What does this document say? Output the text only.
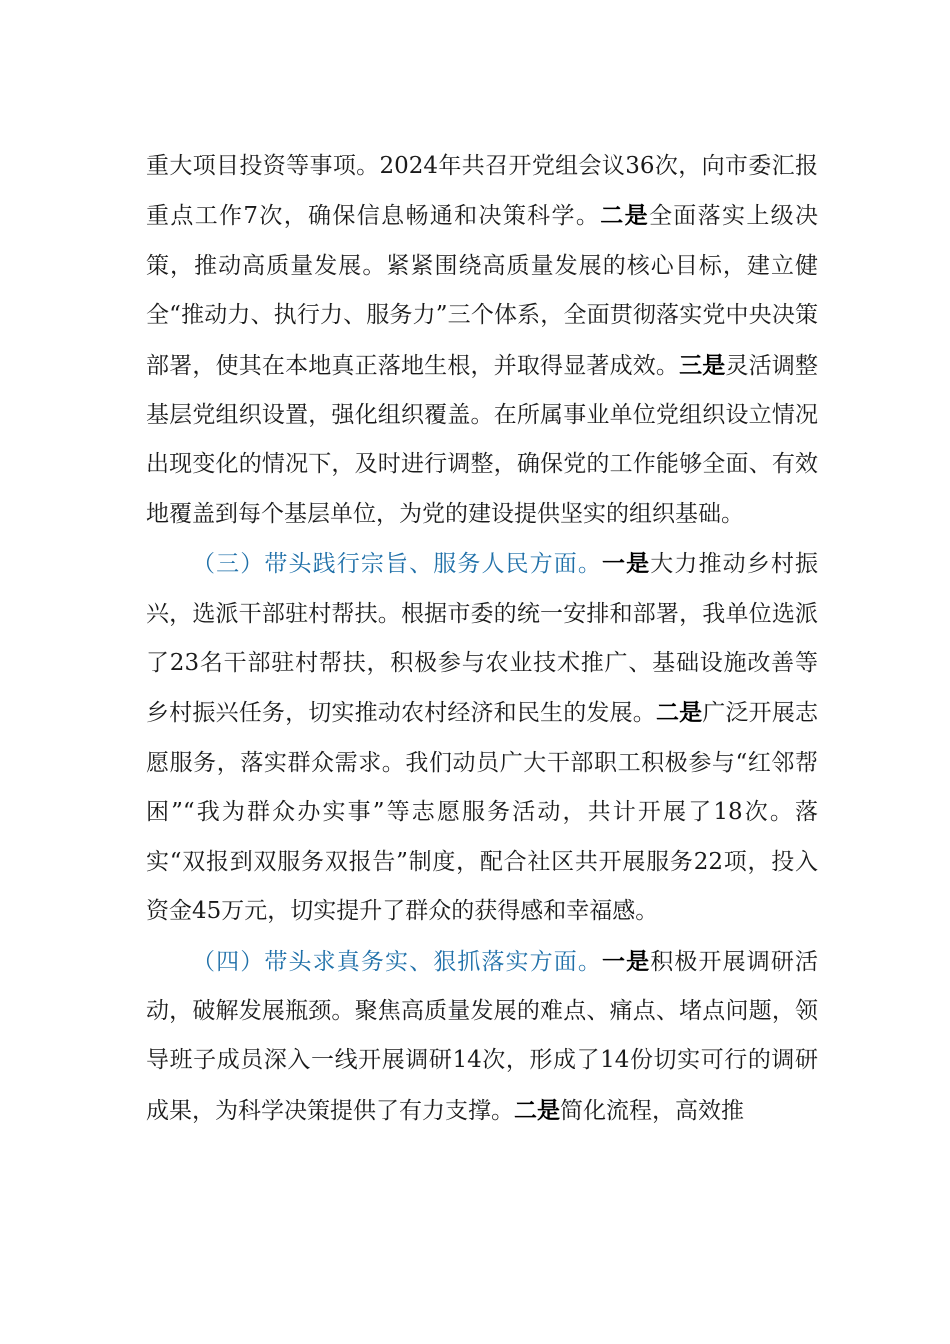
重大项目投资等事项。2024年共召开党组会议36次，向市委汇报重点工作7次，确保信息畅通和决策科学。二是全面落实上级决策，推动高质量发展。紧紧围绕高质量发展的核心目标，建立健全“推动力、执行力、服务力”三个体系，全面贯彻落实党中央决策部署，使其在本地真正落地生根，并取得显著成效。三是灵活调整基层党组织设置，强化组织覆盖。在所属事业单位党组织设立情况出现变化的情况下，及时进行调整，确保党的工作能够全面、有效地覆盖到每个基层单位，为党的建设提供坚实的组织基础。

（三）带头践行宗旨、服务人民方面。一是大力推动乡村振兴，选派干部驻村帮扶。根据市委的统一安排和部署，我单位选派了23名干部驻村帮扶，积极参与农业技术推广、基础设施改善等乡村振兴任务，切实推动农村经济和民生的发展。二是广泛开展志愿服务，落实群众需求。我们动员广大干部职工积极参与“红邻帮困”“我为群众办实事”等志愿服务活动，共计开展了18次。落实“双报到双服务双报告”制度，配合社区共开展服务22项，投入资金45万元，切实提升了群众的获得感和幸福感。

（四）带头求真务实、狠抓落实方面。一是积极开展调研活动，破解发展瓶颈。聚焦高质量发展的难点、痛点、堵点问题，领导班子成员深入一线开展调研14次，形成了14份切实可行的调研成果，为科学决策提供了有力支撑。二是简化流程，高效推
